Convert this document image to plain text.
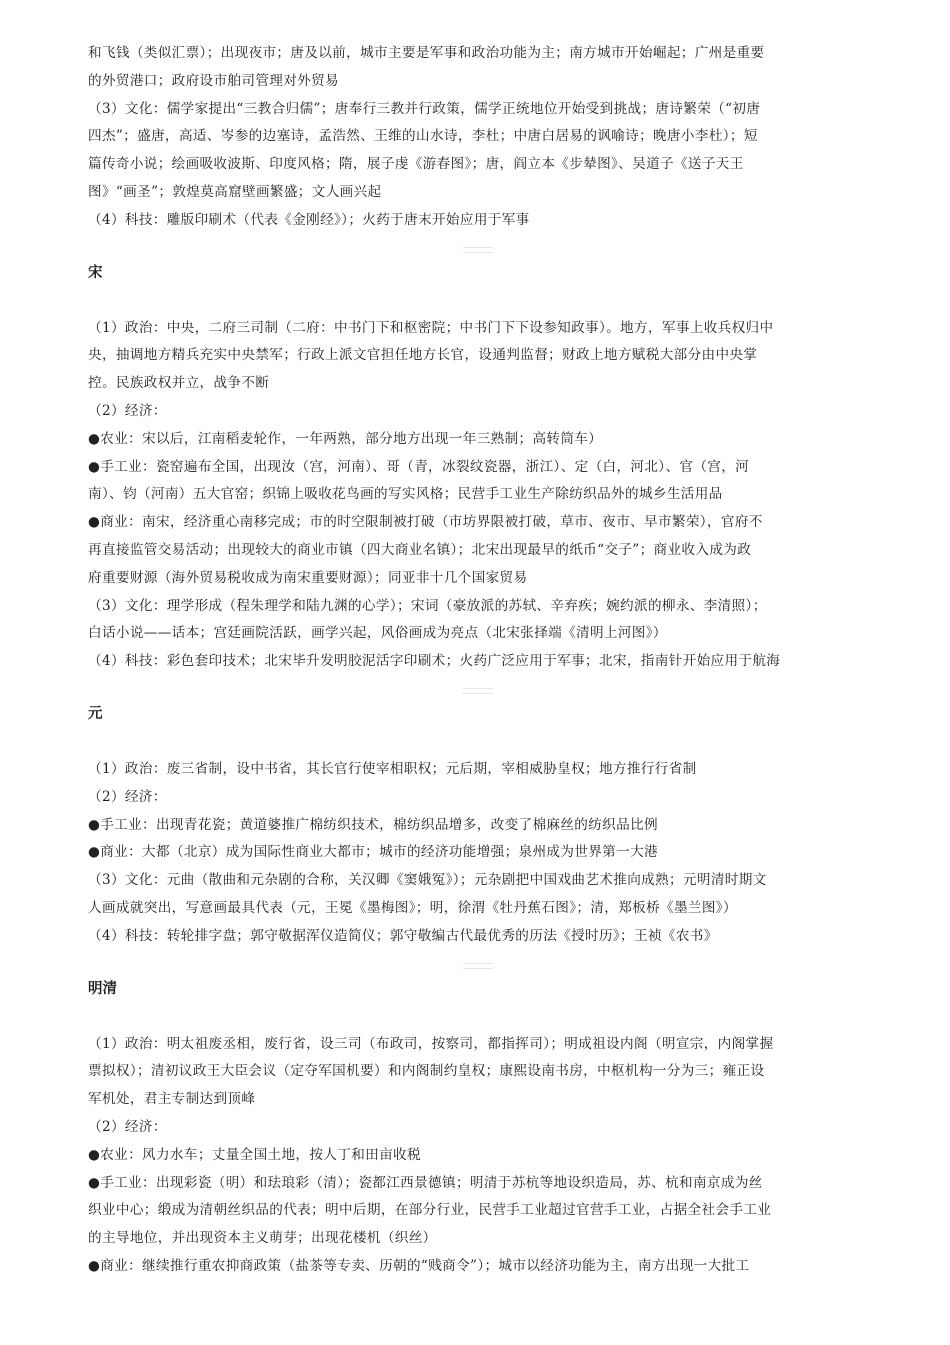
和飞钱（类似汇票）；出现夜市；唐及以前，城市主要是军事和政治功能为主；南方城市开始崛起；广州是重要
的外贸港口；政府设市舶司管理对外贸易
（3）文化：儒学家提出“三教合归儒”；唐奉行三教并行政策，儒学正统地位开始受到挑战；唐诗繁荣（“初唐
四杰”；盛唐，高适、岑参的边塞诗，孟浩然、王维的山水诗，李杜；中唐白居易的讽喻诗；晚唐小李杜）；短
篇传奇小说；绘画吸收波斯、印度风格；隋，展子虔《游春图》；唐，阎立本《步辇图》、吴道子《送子天王
图》“画圣”；敦煌莫高窟壁画繁盛；文人画兴起
（4）科技：雕版印刷术（代表《金刚经》）；火药于唐末开始应用于军事
宋
（1）政治：中央，二府三司制（二府：中书门下和枢密院；中书门下下设参知政事）。地方，军事上收兵权归中
央，抽调地方精兵充实中央禁军；行政上派文官担任地方长官，设通判监督；财政上地方赋税大部分由中央掌
控。民族政权并立，战争不断
（2）经济：
●农业：宋以后，江南稻麦轮作，一年两熟，部分地方出现一年三熟制；高转筒车）
●手工业：瓷窑遍布全国，出现汝（宫，河南）、哥（青，冰裂纹瓷器，浙江）、定（白，河北）、官（宫，河
南）、钧（河南）五大官窑；织锦上吸收花鸟画的写实风格；民营手工业生产除纺织品外的城乡生活用品
●商业：南宋，经济重心南移完成；市的时空限制被打破（市坊界限被打破，草市、夜市、早市繁荣），官府不
再直接监管交易活动；出现较大的商业市镇（四大商业名镇）；北宋出现最早的纸币“交子”；商业收入成为政
府重要财源（海外贸易税收成为南宋重要财源）；同亚非十几个国家贸易
（3）文化：理学形成（程朱理学和陆九渊的心学）；宋词（豪放派的苏轼、辛弃疾；婉约派的柳永、李清照）；
白话小说——话本；宫廷画院活跃，画学兴起，风俗画成为亮点（北宋张择端《清明上河图》）
（4）科技：彩色套印技术；北宋毕升发明胶泥活字印刷术；火药广泛应用于军事；北宋，指南针开始应用于航海
元
（1）政治：废三省制，设中书省，其长官行使宰相职权；元后期，宰相威胁皇权；地方推行行省制
（2）经济：
●手工业：出现青花瓷；黄道婆推广棉纺织技术，棉纺织品增多，改变了棉麻丝的纺织品比例
●商业：大都（北京）成为国际性商业大都市；城市的经济功能增强；泉州成为世界第一大港
（3）文化：元曲（散曲和元杂剧的合称，关汉卿《窦娥冤》）；元杂剧把中国戏曲艺术推向成熟；元明清时期文
人画成就突出，写意画最具代表（元，王冕《墨梅图》；明，徐渭《牡丹蕉石图》；清，郑板桥《墨兰图》）
（4）科技：转轮排字盘；郭守敬据浑仪造简仪；郭守敬编古代最优秀的历法《授时历》；王祯《农书》
明清
（1）政治：明太祖废丞相，废行省，设三司（布政司，按察司，都指挥司）；明成祖设内阁（明宣宗，内阁掌握
票拟权）；清初议政王大臣会议（定夺军国机要）和内阁制约皇权；康熙设南书房，中枢机构一分为三；雍正设
军机处，君主专制达到顶峰
（2）经济：
●农业：风力水车；丈量全国土地，按人丁和田亩收税
●手工业：出现彩瓷（明）和珐琅彩（清）；瓷都江西景德镇；明清于苏杭等地设织造局，苏、杭和南京成为丝
织业中心；缎成为清朝丝织品的代表；明中后期，在部分行业，民营手工业超过官营手工业，占据全社会手工业
的主导地位，并出现资本主义萌芽；出现花楼机（织丝）
●商业：继续推行重农抑商政策（盐茶等专卖、历朝的“贱商令”）；城市以经济功能为主，南方出现一大批工
